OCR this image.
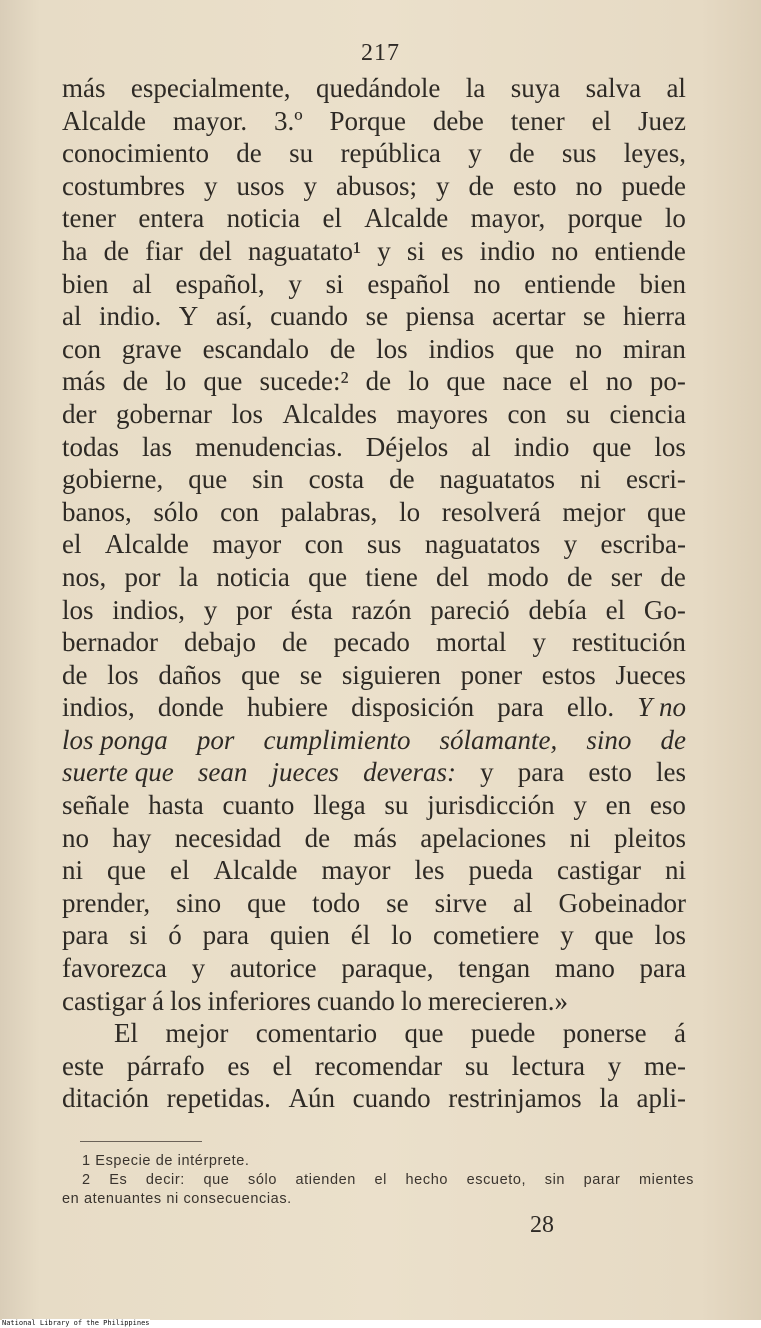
217
más especialmente, quedándole la suya salva al
Alcalde mayor. 3.º Porque debe tener el Juez
conocimiento de su república y de sus leyes,
costumbres y usos y abusos; y de esto no puede
tener entera noticia el Alcalde mayor, porque lo
ha de fiar del naguatato¹ y si es indio no entiende
bien al español, y si español no entiende bien
al indio. Y así, cuando se piensa acertar se hierra
con grave escandalo de los indios que no miran
más de lo que sucede:² de lo que nace el no po-
der gobernar los Alcaldes mayores con su ciencia
todas las menudencias. Déjelos al indio que los
gobierne, que sin costa de naguatatos ni escri-
banos, sólo con palabras, lo resolverá mejor que
el Alcalde mayor con sus naguatatos y escriba-
nos, por la noticia que tiene del modo de ser de
los indios, y por ésta razón pareció debía el Go-
bernador debajo de pecado mortal y restitución
de los daños que se siguieren poner estos Jueces
indios, donde hubiere disposición para ello. Y no
los ponga por cumplimiento sólamante, sino de
suerte que sean jueces deveras: y para esto les
señale hasta cuanto llega su jurisdicción y en eso
no hay necesidad de más apelaciones ni pleitos
ni que el Alcalde mayor les pueda castigar ni
prender, sino que todo se sirve al Gobeinador
para si ó para quien él lo cometiere y que los
favorezca y autorice paraque, tengan mano para
castigar á los inferiores cuando lo merecieren.»
El mejor comentario que puede ponerse á
este párrafo es el recomendar su lectura y me-
ditación repetidas. Aún cuando restrinjamos la apli-
1 Especie de intérprete.
2 Es decir: que sólo atienden el hecho escueto, sin parar mientes
en atenuantes ni consecuencias.
28
National Library of the Philippines
